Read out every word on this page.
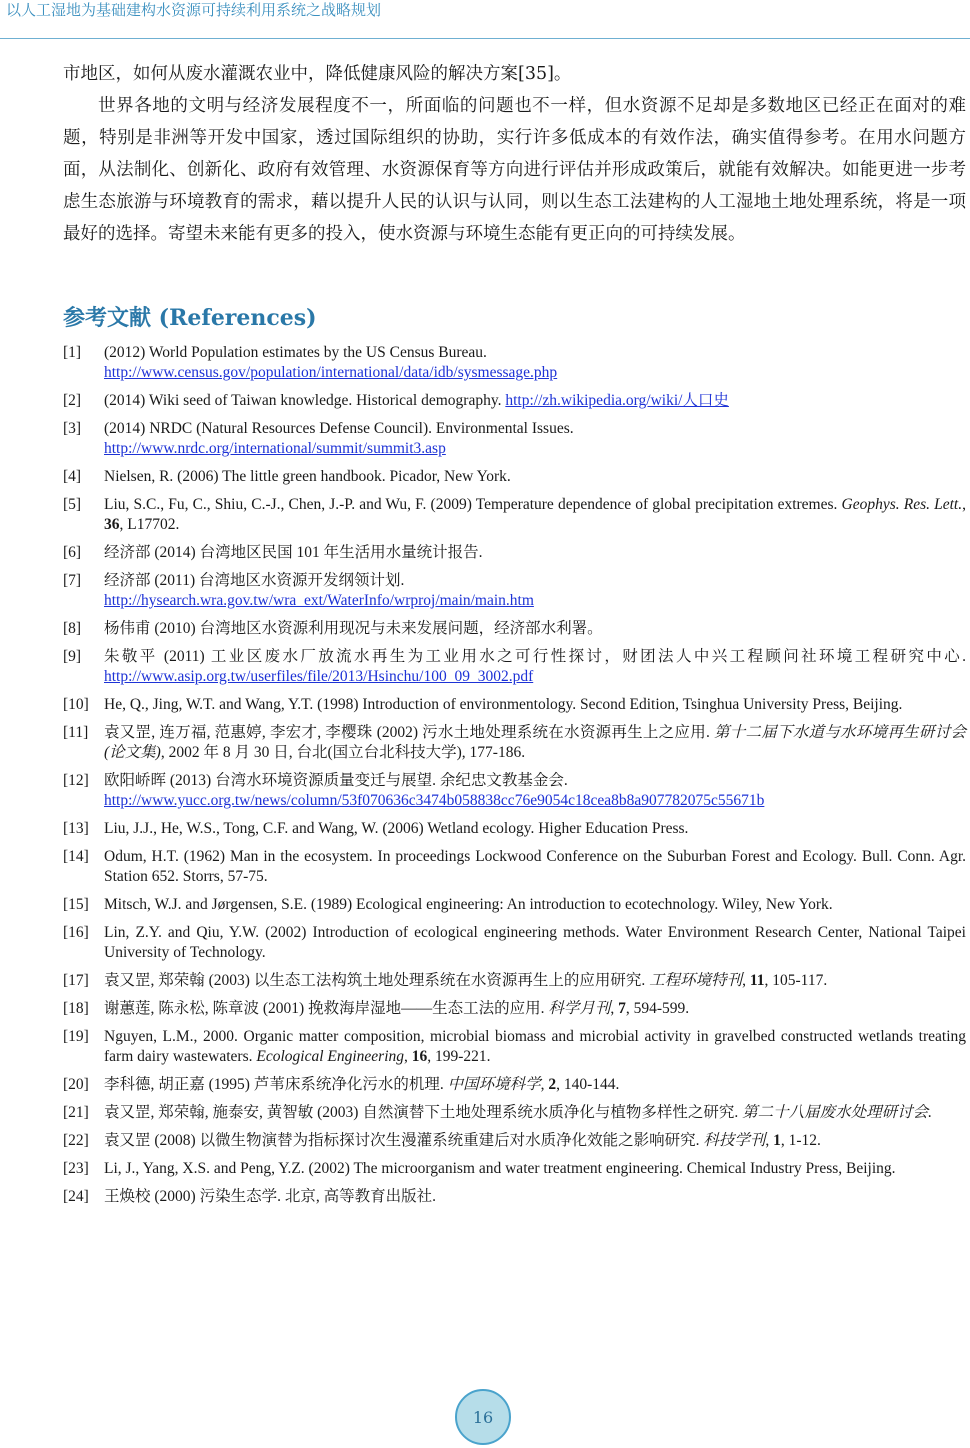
以人工湿地为基础建构水资源可持续利用系统之战略规划

市地区，如何从废水灌溉农业中，降低健康风险的解决方案[35]。

世界各地的文明与经济发展程度不一，所面临的问题也不一样，但水资源不足却是多数地区已经正在面对的难题，特别是非洲等开发中国家，透过国际组织的协助，实行许多低成本的有效作法，确实值得参考。在用水问题方面，从法制化、创新化、政府有效管理、水资源保育等方向进行评估并形成政策后，就能有效解决。如能更进一步考虑生态旅游与环境教育的需求，藉以提升人民的认识与认同，则以生态工法建构的人工湿地土地处理系统，将是一项最好的选择。寄望未来能有更多的投入，使水资源与环境生态能有更正向的可持续发展。

参考文献 (References)
[1] (2012) World Population estimates by the US Census Bureau.
http://www.census.gov/population/international/data/idb/sysmessage.php
[2] (2014) Wiki seed of Taiwan knowledge. Historical demography. http://zh.wikipedia.org/wiki/人口史
[3] (2014) NRDC (Natural Resources Defense Council). Environmental Issues.
http://www.nrdc.org/international/summit/summit3.asp
[4] Nielsen, R. (2006) The little green handbook. Picador, New York.
[5] Liu, S.C., Fu, C., Shiu, C.-J., Chen, J.-P. and Wu, F. (2009) Temperature dependence of global precipitation extremes. Geophys. Res. Lett., 36, L17702.
[6] 经济部 (2014) 台湾地区民国 101 年生活用水量统计报告.
[7] 经济部 (2011) 台湾地区水资源开发纲领计划.
http://hysearch.wra.gov.tw/wra_ext/WaterInfo/wrproj/main/main.htm
[8] 杨伟甫 (2010) 台湾地区水资源利用现况与未来发展问题，经济部水利署。
[9] 朱敬平 (2011) 工业区废水厂放流水再生为工业用水之可行性探讨，财团法人中兴工程顾问社环境工程研究中心. http://www.asip.org.tw/userfiles/file/2013/Hsinchu/100_09_3002.pdf
[10] He, Q., Jing, W.T. and Wang, Y.T. (1998) Introduction of environmentology. Second Edition, Tsinghua University Press, Beijing.
[11] 袁又罡, 连万福, 范惠婷, 李宏才, 李樱珠 (2002) 污水土地处理系统在水资源再生上之应用. 第十二届下水道与水环境再生研讨会(论文集), 2002 年 8 月 30 日, 台北(国立台北科技大学), 177-186.
[12] 欧阳峤晖 (2013) 台湾水环境资源质量变迁与展望. 余纪忠文教基金会.
http://www.yucc.org.tw/news/column/53f070636c3474b058838cc76e9054c18cea8b8a907782075c55671b
[13] Liu, J.J., He, W.S., Tong, C.F. and Wang, W. (2006) Wetland ecology. Higher Education Press.
[14] Odum, H.T. (1962) Man in the ecosystem. In proceedings Lockwood Conference on the Suburban Forest and Ecology. Bull. Conn. Agr. Station 652. Storrs, 57-75.
[15] Mitsch, W.J. and Jørgensen, S.E. (1989) Ecological engineering: An introduction to ecotechnology. Wiley, New York.
[16] Lin, Z.Y. and Qiu, Y.W. (2002) Introduction of ecological engineering methods. Water Environment Research Center, National Taipei University of Technology.
[17] 袁又罡, 郑荣翰 (2003) 以生态工法构筑土地处理系统在水资源再生上的应用研究. 工程环境特刊, 11, 105-117.
[18] 谢蕙莲, 陈永松, 陈章波 (2001) 挽救海岸湿地——生态工法的应用. 科学月刊, 7, 594-599.
[19] Nguyen, L.M., 2000. Organic matter composition, microbial biomass and microbial activity in gravelbed constructed wetlands treating farm dairy wastewaters. Ecological Engineering, 16, 199-221.
[20] 李科德, 胡正嘉 (1995) 芦苇床系统净化污水的机理. 中国环境科学, 2, 140-144.
[21] 袁又罡, 郑荣翰, 施泰安, 黄智敏 (2003) 自然演替下土地处理系统水质净化与植物多样性之研究. 第二十八届废水处理研讨会.
[22] 袁又罡 (2008) 以微生物演替为指标探讨次生漫灌系统重建后对水质净化效能之影响研究. 科技学刊, 1, 1-12.
[23] Li, J., Yang, X.S. and Peng, Y.Z. (2002) The microorganism and water treatment engineering. Chemical Industry Press, Beijing.
[24] 王焕校 (2000) 污染生态学. 北京, 高等教育出版社.
16
